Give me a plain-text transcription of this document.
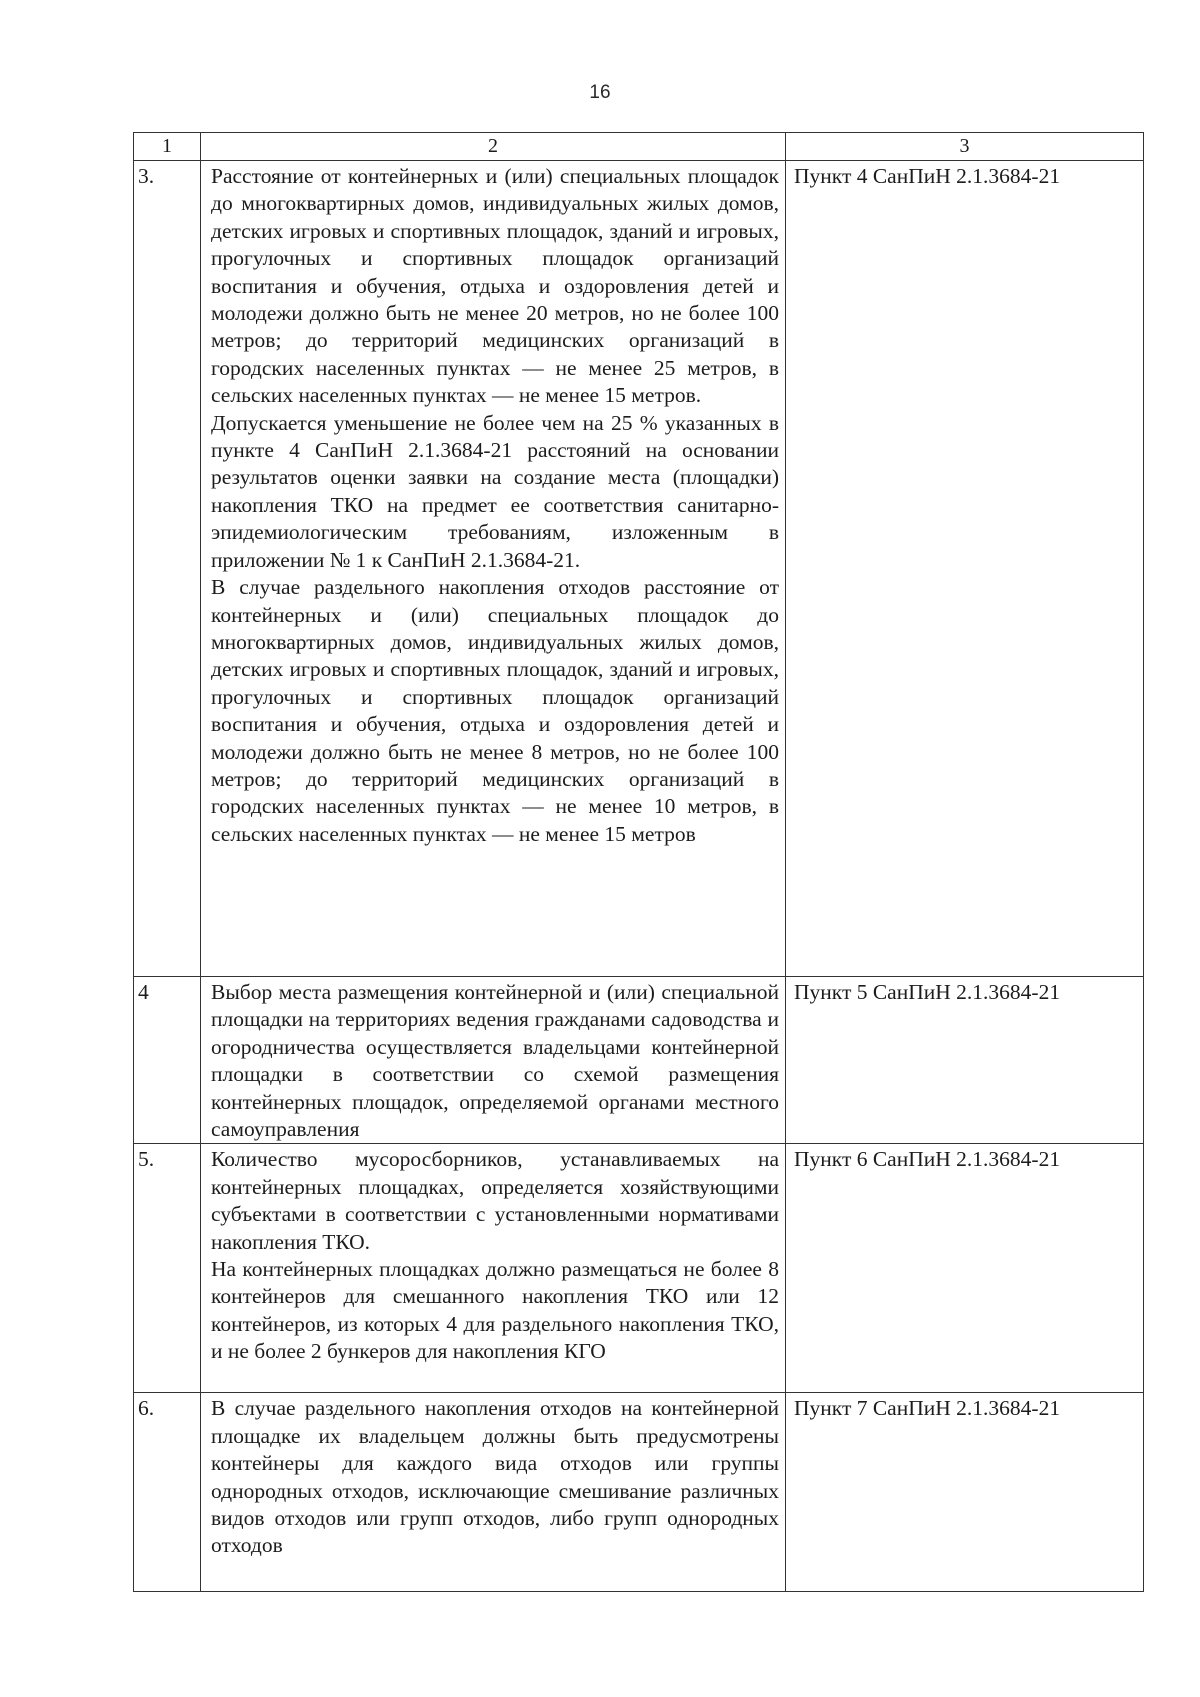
16
1	2	3
3.	Расстояние от контейнерных и (или) специальных площадок до многоквартирных домов, индивидуальных жилых домов, детских игровых и спортивных площадок, зданий и игровых, прогулочных и спортивных площадок организаций воспитания и обучения, отдыха и оздоровления детей и молодежи должно быть не менее 20 метров, но не более 100 метров; до территорий медицинских организаций в городских населенных пунктах — не менее 25 метров, в сельских населенных пунктах — не менее 15 метров.
Допускается уменьшение не более чем на 25 % указанных в пункте 4 СанПиН 2.1.3684-21 расстояний на основании результатов оценки заявки на создание места (площадки) накопления ТКО на предмет ее соответствия санитарно-эпидемиологическим требованиям, изложенным в приложении № 1 к СанПиН 2.1.3684-21.
В случае раздельного накопления отходов расстояние от контейнерных и (или) специальных площадок до многоквартирных домов, индивидуальных жилых домов, детских игровых и спортивных площадок, зданий и игровых, прогулочных и спортивных площадок организаций воспитания и обучения, отдыха и оздоровления детей и молодежи должно быть не менее 8 метров, но не более 100 метров; до территорий медицинских организаций в городских населенных пунктах — не менее 10 метров, в сельских населенных пунктах — не менее 15 метров	Пункт 4 СанПиН 2.1.3684-21
4	Выбор места размещения контейнерной и (или) специальной площадки на территориях ведения гражданами садоводства и огородничества осуществляется владельцами контейнерной площадки в соответствии со схемой размещения контейнерных площадок, определяемой органами местного самоуправления	Пункт 5 СанПиН 2.1.3684-21
5.	Количество мусоросборников, устанавливаемых на контейнерных площадках, определяется хозяйствующими субъектами в соответствии с установленными нормативами накопления ТКО.
На контейнерных площадках должно размещаться не более 8 контейнеров для смешанного накопления ТКО или 12 контейнеров, из которых 4 для раздельного накопления ТКО, и не более 2 бункеров для накопления КГО	Пункт 6 СанПиН 2.1.3684-21
6.	В случае раздельного накопления отходов на контейнерной площадке их владельцем должны быть предусмотрены контейнеры для каждого вида отходов или группы однородных отходов, исключающие смешивание различных видов отходов или групп отходов, либо групп однородных отходов	Пункт 7 СанПиН 2.1.3684-21
